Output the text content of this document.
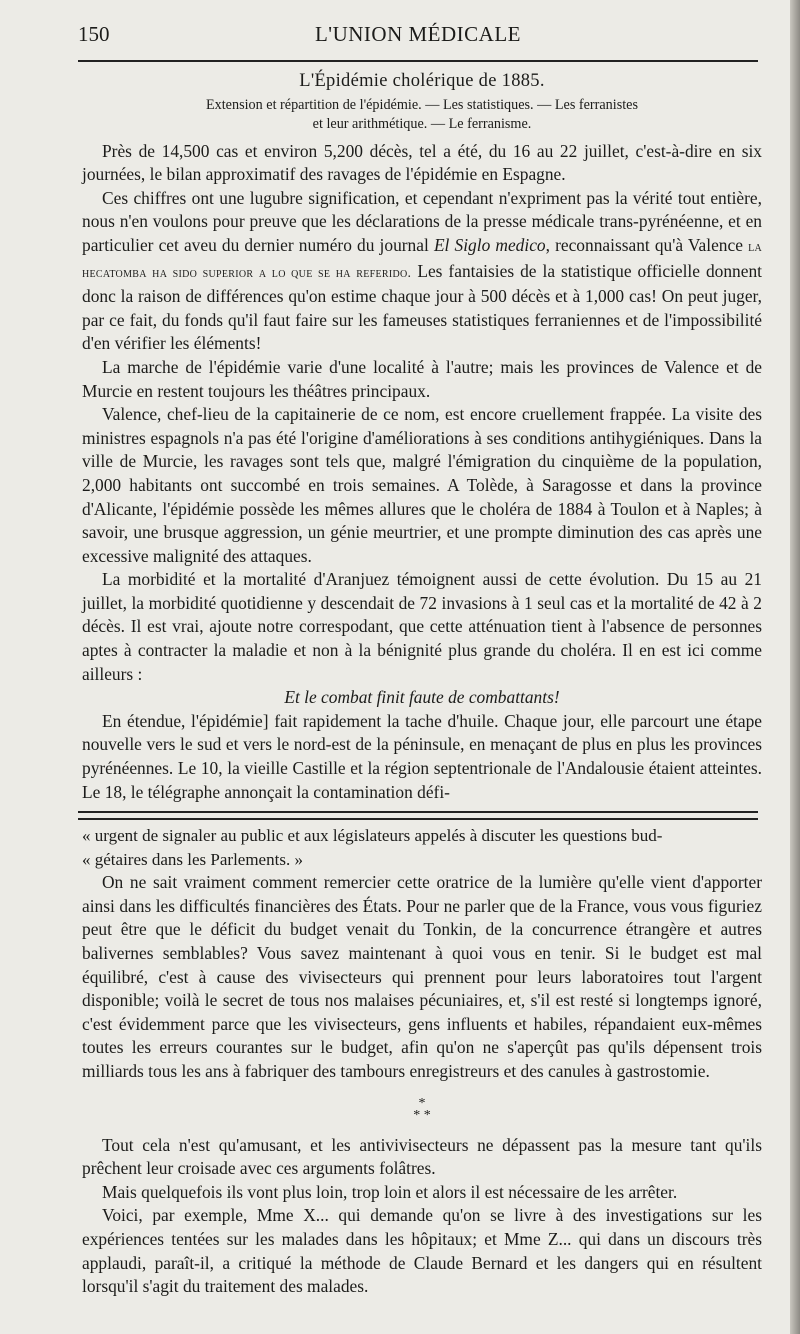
150	L'UNION MÉDICALE
L'Épidémie cholérique de 1885.
Extension et répartition de l'épidémie. — Les statistiques. — Les ferranistes
et leur arithmétique. — Le ferranisme.

Près de 14,500 cas et environ 5,200 décès, tel a été, du 16 au 22 juillet, c'est-à-dire en six journées, le bilan approximatif des ravages de l'épidémie en Espagne.

Ces chiffres ont une lugubre signification, et cependant n'expriment pas la vérité tout entière, nous n'en voulons pour preuve que les déclarations de la presse médicale trans-pyrénéenne, et en particulier cet aveu du dernier numéro du journal El Siglo medico, reconnaissant qu'à Valence la hecatomba ha sido superior a lo que se ha referido. Les fantaisies de la statistique officielle donnent donc la raison de différences qu'on estime chaque jour à 500 décès et à 1,000 cas! On peut juger, par ce fait, du fonds qu'il faut faire sur les fameuses statistiques ferraniennes et de l'impossibilité d'en vérifier les éléments!

La marche de l'épidémie varie d'une localité à l'autre; mais les provinces de Valence et de Murcie en restent toujours les théâtres principaux.

Valence, chef-lieu de la capitainerie de ce nom, est encore cruellement frappée. La visite des ministres espagnols n'a pas été l'origine d'améliorations à ses conditions antihygiéniques. Dans la ville de Murcie, les ravages sont tels que, malgré l'émigration du cinquième de la population, 2,000 habitants ont succombé en trois semaines. A Tolède, à Saragosse et dans la province d'Alicante, l'épidémie possède les mêmes allures que le choléra de 1884 à Toulon et à Naples; à savoir, une brusque aggression, un génie meurtrier, et une prompte diminution des cas après une excessive malignité des attaques.

La morbidité et la mortalité d'Aranjuez témoignent aussi de cette évolution. Du 15 au 21 juillet, la morbidité quotidienne y descendait de 72 invasions à 1 seul cas et la mortalité de 42 à 2 décès. Il est vrai, ajoute notre correspodant, que cette atténuation tient à l'absence de personnes aptes à contracter la maladie et non à la bénignité plus grande du choléra. Il en est ici comme ailleurs :

Et le combat finit faute de combattants!

En étendue, l'épidémie] fait rapidement la tache d'huile. Chaque jour, elle parcourt une étape nouvelle vers le sud et vers le nord-est de la péninsule, en menaçant de plus en plus les provinces pyrénéennes. Le 10, la vieille Castille et la région septentrionale de l'Andalousie étaient atteintes. Le 18, le télégraphe annonçait la contamination défi-

« urgent de signaler au public et aux législateurs appelés à discuter les questions bud-

« gétaires dans les Parlements. »

On ne sait vraiment comment remercier cette oratrice de la lumière qu'elle vient d'apporter ainsi dans les difficultés financières des États. Pour ne parler que de la France, vous vous figuriez peut être que le déficit du budget venait du Tonkin, de la concurrence étrangère et autres balivernes semblables? Vous savez maintenant à quoi vous en tenir. Si le budget est mal équilibré, c'est à cause des vivisecteurs qui prennent pour leurs laboratoires tout l'argent disponible; voilà le secret de tous nos malaises pécuniaires, et, s'il est resté si longtemps ignoré, c'est évidemment parce que les vivisecteurs, gens influents et habiles, répandaient eux-mêmes toutes les erreurs courantes sur le budget, afin qu'on ne s'aperçût pas qu'ils dépensent trois milliards tous les ans à fabriquer des tambours enregistreurs et des canules à gastrostomie.

*
* *

Tout cela n'est qu'amusant, et les antivivisecteurs ne dépassent pas la mesure tant qu'ils prêchent leur croisade avec ces arguments folâtres.

Mais quelquefois ils vont plus loin, trop loin et alors il est nécessaire de les arrêter.

Voici, par exemple, Mme X... qui demande qu'on se livre à des investigations sur les expériences tentées sur les malades dans les hôpitaux; et Mme Z... qui dans un discours très applaudi, paraît-il, a critiqué la méthode de Claude Bernard et les dangers qui en résultent lorsqu'il s'agit du traitement des malades.
